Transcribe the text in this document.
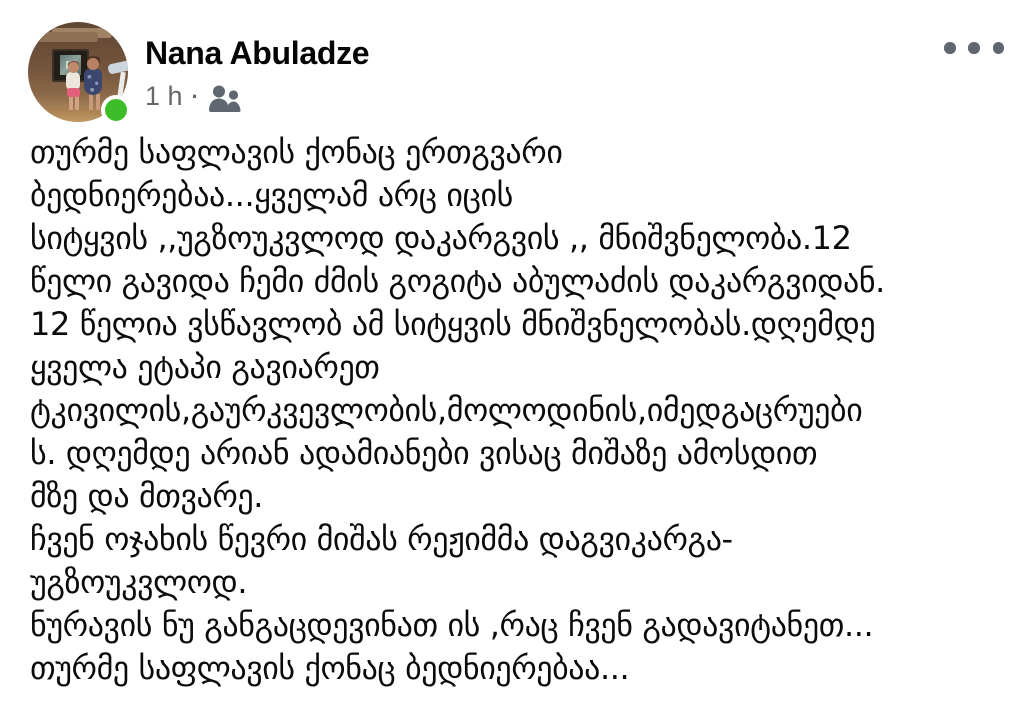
Nana Abuladze
1 h ·
თურმე საფლავის ქონაც ერთგვარი
ბედნიერებაა...ყველამ არც იცის
სიტყვის ,,უგზოუკვლოდ დაკარგვის ,, მნიშვნელობა.12
წელი გავიდა ჩემი ძმის გოგიტა აბულაძის დაკარგვიდან.
12 წელია ვსწავლობ ამ სიტყვის მნიშვნელობას.დღემდე
ყველა ეტაპი გავიარეთ
ტკივილის,გაურკვევლობის,მოლოდინის,იმედგაცრუები
ს. დღემდე არიან ადამიანები ვისაც მიშაზე ამოსდით
მზე და მთვარე.
ჩვენ ოჯახის წევრი მიშას რეჟიმმა დაგვიკარგა-
უგზოუკვლოდ.
ნურავის ნუ განგაცდევინათ ის ,რაც ჩვენ გადავიტანეთ...
თურმე საფლავის ქონაც ბედნიერებაა...
